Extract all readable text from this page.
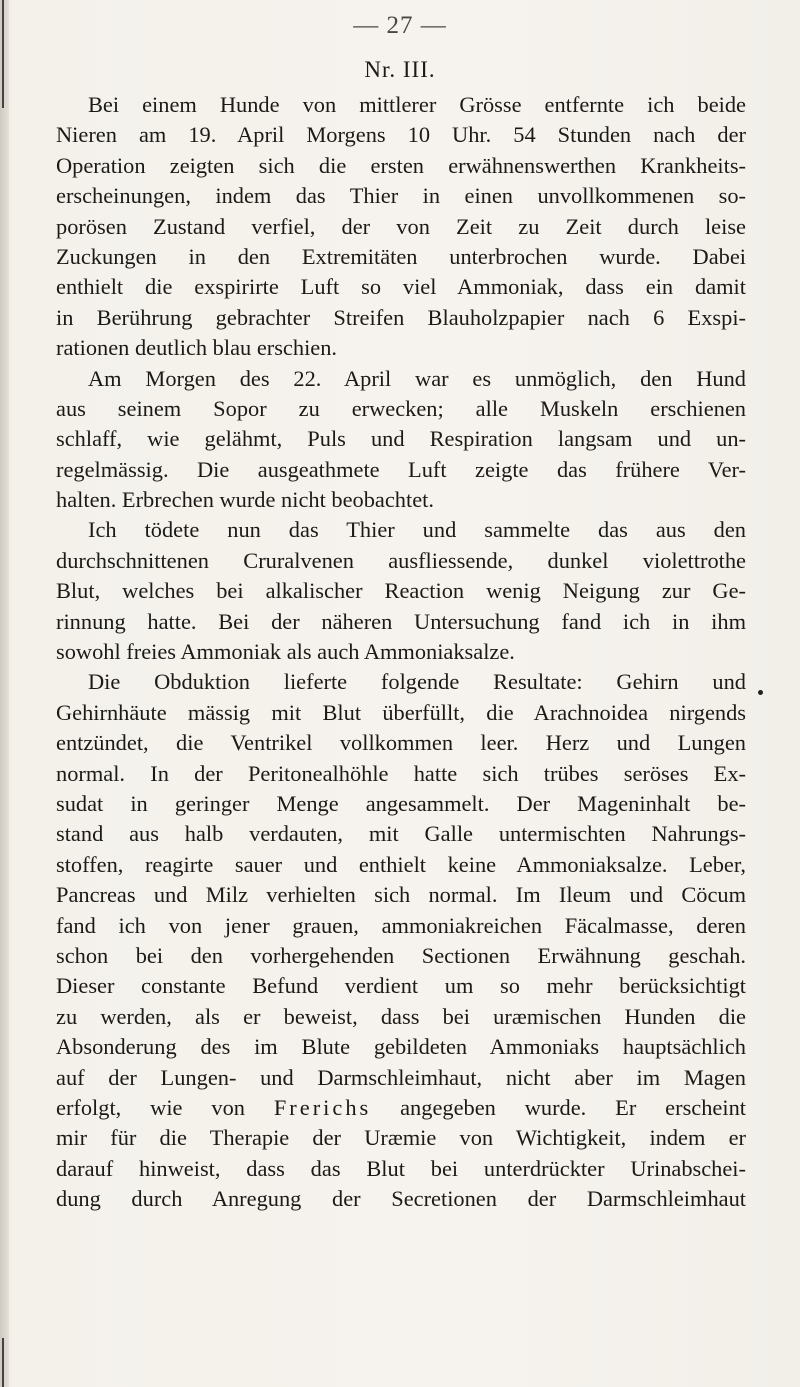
— 27 —
Nr. III.
Bei einem Hunde von mittlerer Grösse entfernte ich beide
Nieren am 19. April Morgens 10 Uhr. 54 Stunden nach der
Operation zeigten sich die ersten erwähnenswerthen Krankheits-
erscheinungen, indem das Thier in einen unvollkommenen so-
porösen Zustand verfiel, der von Zeit zu Zeit durch leise
Zuckungen in den Extremitäten unterbrochen wurde. Dabei
enthielt die exspirirte Luft so viel Ammoniak, dass ein damit
in Berührung gebrachter Streifen Blauholzpapier nach 6 Exspi-
rationen deutlich blau erschien.
Am Morgen des 22. April war es unmöglich, den Hund
aus seinem Sopor zu erwecken; alle Muskeln erschienen
schlaff, wie gelähmt, Puls und Respiration langsam und un-
regelmässig. Die ausgeathmete Luft zeigte das frühere Ver-
halten. Erbrechen wurde nicht beobachtet.
Ich tödete nun das Thier und sammelte das aus den
durchschnittenen Cruralvenen ausfliessende, dunkel violettrothe
Blut, welches bei alkalischer Reaction wenig Neigung zur Ge-
rinnung hatte. Bei der näheren Untersuchung fand ich in ihm
sowohl freies Ammoniak als auch Ammoniaksalze.
Die Obduktion lieferte folgende Resultate: Gehirn und
Gehirnhäute mässig mit Blut überfüllt, die Arachnoidea nirgends
entzündet, die Ventrikel vollkommen leer. Herz und Lungen
normal. In der Peritonealhöhle hatte sich trübes seröses Ex-
sudat in geringer Menge angesammelt. Der Mageninhalt be-
stand aus halb verdauten, mit Galle untermischten Nahrungs-
stoffen, reagirte sauer und enthielt keine Ammoniaksalze. Leber,
Pancreas und Milz verhielten sich normal. Im Ileum und Cöcum
fand ich von jener grauen, ammoniakreichen Fäcalmasse, deren
schon bei den vorhergehenden Sectionen Erwähnung geschah.
Dieser constante Befund verdient um so mehr berücksichtigt
zu werden, als er beweist, dass bei uræmischen Hunden die
Absonderung des im Blute gebildeten Ammoniaks hauptsächlich
auf der Lungen- und Darmschleimhaut, nicht aber im Magen
erfolgt, wie von Frerichs angegeben wurde. Er erscheint
mir für die Therapie der Uræmie von Wichtigkeit, indem er
darauf hinweist, dass das Blut bei unterdrückter Urinabschei-
dung durch Anregung der Secretionen der Darmschleimhaut
